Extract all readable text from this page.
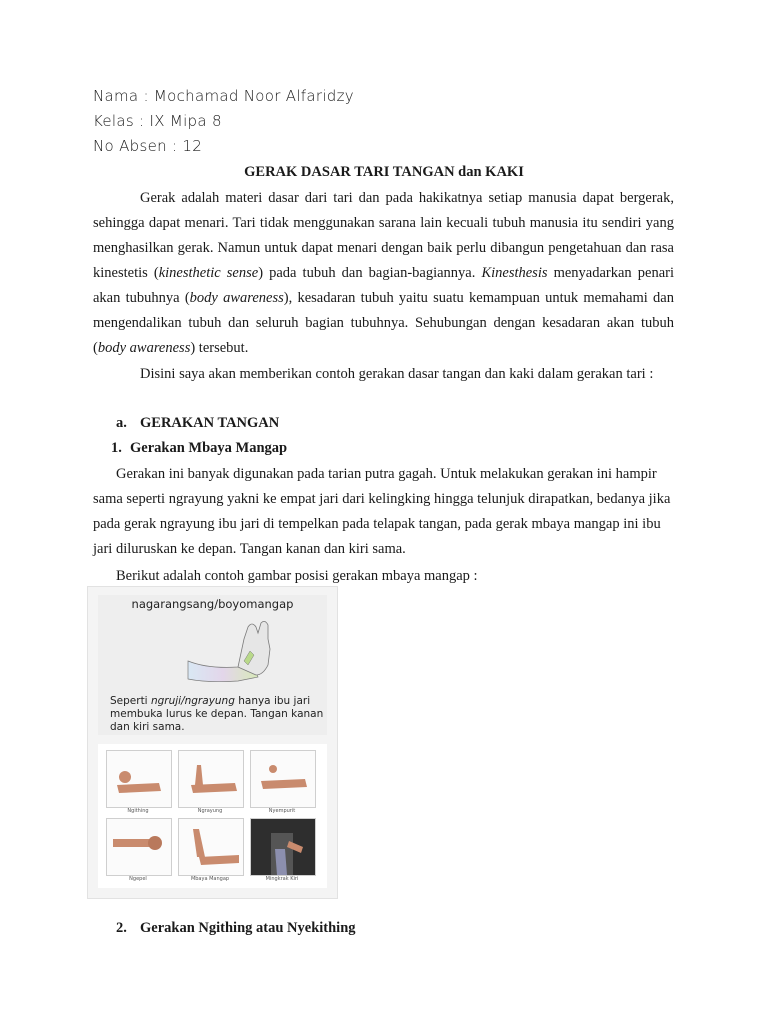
Nama : Mochamad Noor Alfaridzy
Kelas : IX Mipa 8
No Absen : 12
GERAK DASAR TARI TANGAN dan KAKI

Gerak adalah materi dasar dari tari dan pada hakikatnya setiap manusia dapat bergerak, sehingga dapat menari. Tari tidak menggunakan sarana lain kecuali tubuh manusia itu sendiri yang menghasilkan gerak. Namun untuk dapat menari dengan baik perlu dibangun pengetahuan dan rasa kinestetis (kinesthetic sense) pada tubuh dan bagian-bagiannya. Kinesthesis menyadarkan penari akan tubuhnya (body awareness), kesadaran tubuh yaitu suatu kemampuan untuk memahami dan mengendalikan tubuh dan seluruh bagian tubuhnya. Sehubungan dengan kesadaran akan tubuh (body awareness) tersebut.

Disini saya akan memberikan contoh gerakan dasar tangan dan kaki dalam gerakan tari :

a. GERAKAN TANGAN
1. Gerakan Mbaya Mangap

Gerakan ini banyak digunakan pada tarian putra gagah. Untuk melakukan gerakan ini hampir sama seperti ngrayung yakni ke empat jari dari kelingking hingga telunjuk dirapatkan, bedanya jika pada gerak ngrayung ibu jari di tempelkan pada telapak tangan, pada gerak mbaya mangap ini ibu jari diluruskan ke depan. Tangan kanan dan kiri sama.

Berikut adalah contoh gambar posisi gerakan mbaya mangap :

nagarangsang/boyomangap
Seperti ngruji/ngrayung hanya ibu jari membuka lurus ke depan. Tangan kanan dan kiri sama.
Ngithing	Ngrayung	Nyempurit
Ngepel	Mbaya Mangap	Mingkrak Kiri
2. Gerakan Ngithing atau Nyekithing
